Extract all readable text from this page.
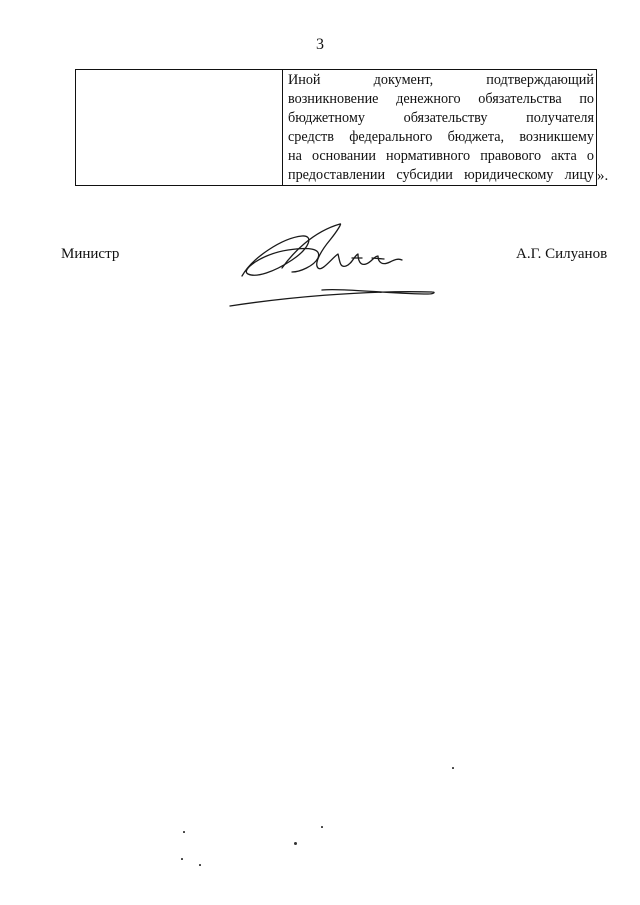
3

Иной	документ,	подтверждающий
возникновение денежного обязательства по
бюджетному	обязательству	получателя
средств федерального бюджета, возникшему
на основании нормативного правового акта о
предоставлении субсидии юридическому лицу ».
Министр	А.Г. Силуанов
